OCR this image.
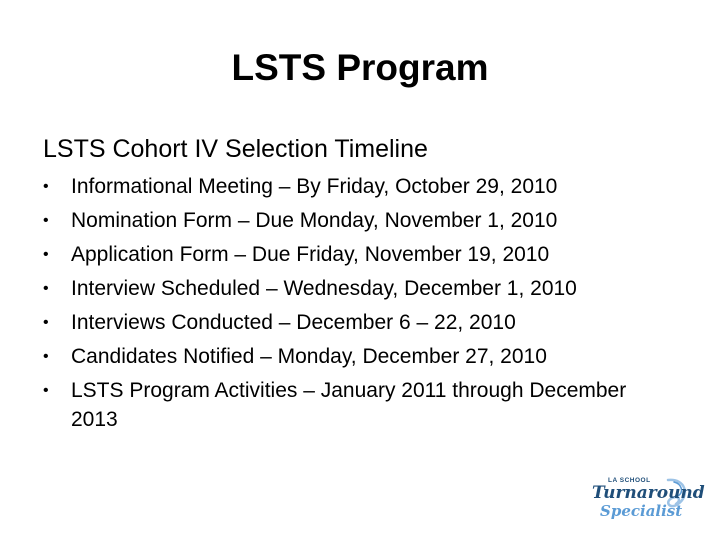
LSTS Program
LSTS Cohort IV Selection Timeline
•	Informational Meeting – By Friday, October 29, 2010
•	Nomination Form – Due Monday, November 1, 2010
•	Application Form – Due Friday, November 19, 2010
•	Interview Scheduled – Wednesday, December 1, 2010
•	Interviews Conducted – December 6 – 22, 2010
•	Candidates Notified – Monday, December 27, 2010
•	LSTS Program Activities – January 2011 through December 2013
LA SCHOOL
Turnaround
Specialist
